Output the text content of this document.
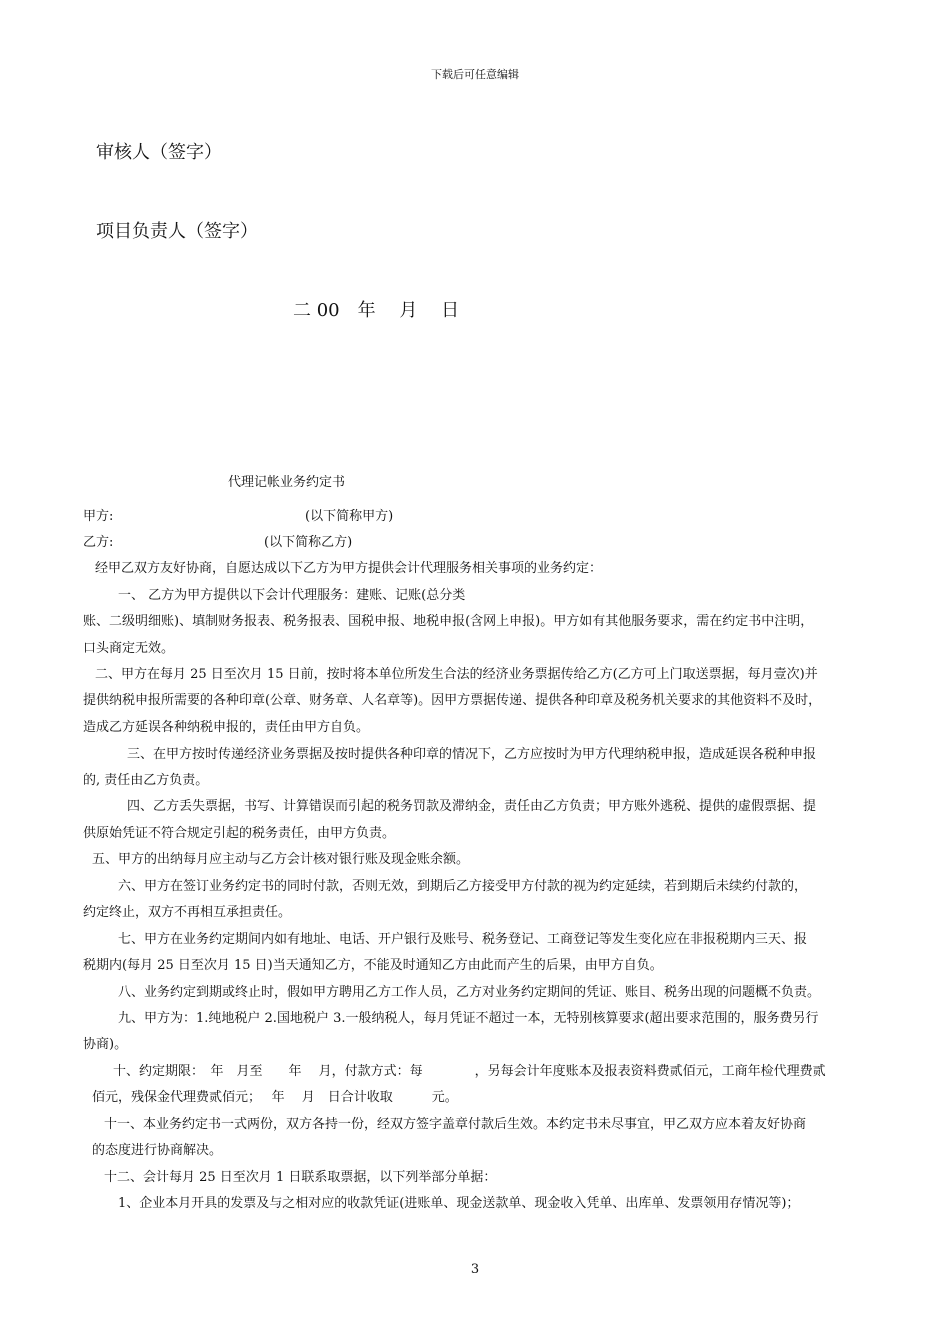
下载后可任意编辑
审核人（签字）
项目负责人（签字）
二 00　年　 月　 日
代理记帐业务约定书
甲方:	(以下简称甲方)
乙方:	(以下简称乙方)
经甲乙双方友好协商，自愿达成以下乙方为甲方提供会计代理服务相关事项的业务约定：
一、 乙方为甲方提供以下会计代理服务：建账、记账(总分类
账、二级明细账)、填制财务报表、税务报表、国税申报、地税申报(含网上申报)。甲方如有其他服务要求，需在约定书中注明，
口头商定无效。
二、甲方在每月 25 日至次月 15 日前，按时将本单位所发生合法的经济业务票据传给乙方(乙方可上门取送票据，每月壹次)并
提供纳税申报所需要的各种印章(公章、财务章、人名章等)。因甲方票据传递、提供各种印章及税务机关要求的其他资料不及时，
造成乙方延误各种纳税申报的，责任由甲方自负。
三、在甲方按时传递经济业务票据及按时提供各种印章的情况下，乙方应按时为甲方代理纳税申报，造成延误各税种申报
的, 责任由乙方负责。
四、乙方丢失票据，书写、计算错误而引起的税务罚款及滞纳金，责任由乙方负责；甲方账外逃税、提供的虚假票据、提
供原始凭证不符合规定引起的税务责任，由甲方负责。
五、甲方的出纳每月应主动与乙方会计核对银行账及现金账余额。
六、甲方在签订业务约定书的同时付款，否则无效，到期后乙方接受甲方付款的视为约定延续，若到期后未续约付款的，
约定终止，双方不再相互承担责任。
七、甲方在业务约定期间内如有地址、电话、开户银行及账号、税务登记、工商登记等发生变化应在非报税期内三天、报
税期内(每月 25 日至次月 15 日)当天通知乙方，不能及时通知乙方由此而产生的后果，由甲方自负。
八、业务约定到期或终止时，假如甲方聘用乙方工作人员，乙方对业务约定期间的凭证、账目、税务出现的问题概不负责。
九、甲方为：1.纯地税户 2.国地税户 3.一般纳税人，每月凭证不超过一本，无特别核算要求(超出要求范围的，服务费另行
协商)。
十、约定期限：　年　月至　　年　 月，付款方式：每　　　　，另每会计年度账本及报表资料费贰佰元，工商年检代理费贰
佰元，残保金代理费贰佰元；　 年　 月　日合计收取　　　元。
十一、本业务约定书一式两份，双方各持一份，经双方签字盖章付款后生效。本约定书未尽事宜，甲乙双方应本着友好协商
的态度进行协商解决。
十二、会计每月 25 日至次月 1 日联系取票据，以下列举部分单据：
1、企业本月开具的发票及与之相对应的收款凭证(进账单、现金送款单、现金收入凭单、出库单、发票领用存情况等)；
3
